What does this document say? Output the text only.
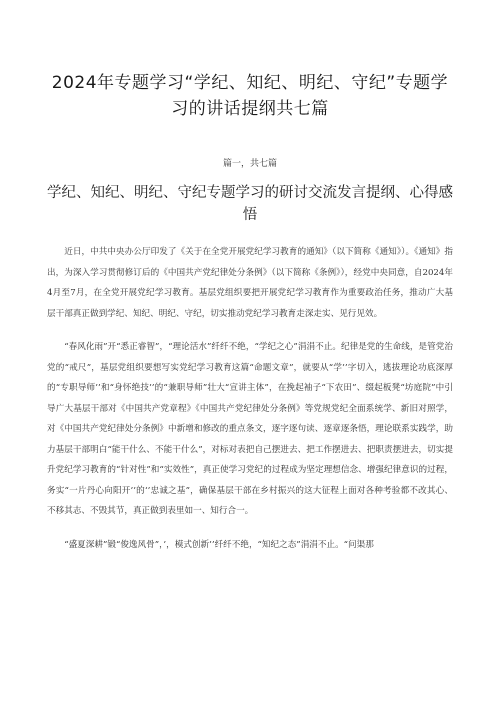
2024年专题学习“学纪、知纪、明纪、守纪”专题学习的讲话提纲共七篇
篇一，共七篇
学纪、知纪、明纪、守纪专题学习的研讨交流发言提纲、心得感悟

近日，中共中央办公厅印发了《关于在全党开展党纪学习教育的通知》（以下简称《通知》）。《通知》指出，为深入学习贯彻修订后的《中国共产党纪律处分条例》（以下简称《条例》），经党中央同意，自2024年4月至7月，在全党开展党纪学习教育。基层党组织要把开展党纪学习教育作为重要政治任务，推动广大基层干部真正做到学纪、知纪、明纪、守纪，切实推动党纪学习教育走深走实、见行见效。

“春风化雨”开“悉正睿智”，“理论活水”纤纤不绝，“学纪之心”涓涓不止。纪律是党的生命线，是管党治党的“戒尺”，基层党组织要想写实党纪学习教育这篇“命题文章”，就要从“学’’字切入，逃拔理论功底深厚的“专职导师’’和“身怀绝技’’的“兼职导师”壮大“宣讲主体”，在挽起袖子“下农田”、缀起板凳“坊庭院”中引导广大基层干部对《中国共产党章程》《中国共产党纪律处分条例》等党规党纪全面系统学、新旧对照学，对《中国共产党纪律处分条例》中新增和修改的重点条文，逐字逐句读、逐章逐条悟，理论联系实践学，助力基层干部明白“能干什么、不能干什么”，对标对表把自己摆进去、把工作摆进去、把职责摆进去，切实提升党纪学习教育的“针对性”和“实效性”，真正使学习党纪的过程成为坚定理想信念、增强纪律意识的过程，务实“一片丹心向阳开’’的‘’忠诚之基”，确保基层干部在乡村振兴的这大征程上面对各种考验都不改其心、不移其志、不毁其节，真正做到表里如一、知行合一。

“盛夏深耕”锻“俊逸风骨”，’，模式创新’’纤纤不绝，“知纪之态”涓涓不止。“问渠那
